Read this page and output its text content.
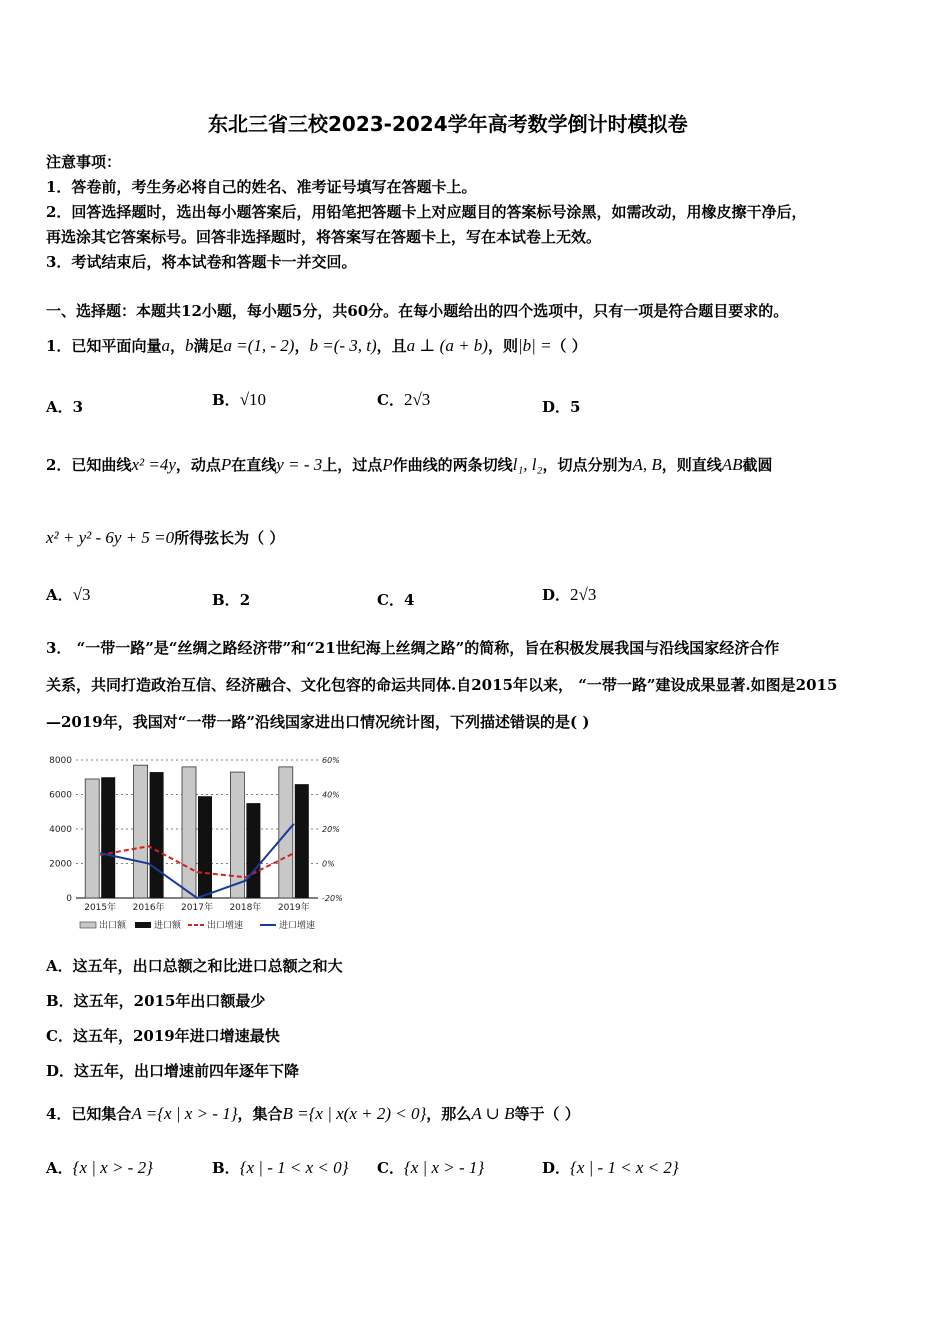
东北三省三校2023-2024学年高考数学倒计时模拟卷
注意事项：
1．答卷前，考生务必将自己的姓名、准考证号填写在答题卡上。
2．回答选择题时，选出每小题答案后，用铅笔把答题卡上对应题目的答案标号涂黑，如需改动，用橡皮擦干净后，
再选涂其它答案标号。回答非选择题时，将答案写在答题卡上，写在本试卷上无效。
3．考试结束后，将本试卷和答题卡一并交回。
一、选择题：本题共12小题，每小题5分，共60分。在每小题给出的四个选项中，只有一项是符合题目要求的。
1．已知平面向量a，b满足a =(1, - 2)，b =(- 3, t)，且a ⊥ (a + b)，则|b| =（ ）
A．3	B．√10	C．2√3	D．5
2．已知曲线x² =4y，动点P在直线y = - 3上，过点P作曲线的两条切线l₁, l₂，切点分别为A, B，则直线AB截圆
x² + y² - 6y + 5 =0所得弦长为（ ）
A．√3	B．2	C．4	D．2√3
3． “一带一路”是“丝绸之路经济带”和“21世纪海上丝绸之路”的简称，旨在积极发展我国与沿线国家经济合作
关系，共同打造政治互信、经济融合、文化包容的命运共同体.自2015年以来， “一带一路”建设成果显著.如图是2015
—2019年，我国对“一带一路”沿线国家进出口情况统计图，下列描述错误的是( )
8000
6000
4000
2000
0
60%
40%
20%
0%
-20%
2015年 2016年 2017年 2018年 2019年
出口额	进口额	出口增速	进口增速
A．这五年，出口总额之和比进口总额之和大
B．这五年，2015年出口额最少
C．这五年，2019年进口增速最快
D．这五年，出口增速前四年逐年下降
4．已知集合A ={x | x > - 1}，集合B ={x | x(x + 2) < 0}，那么A ∪ B等于（ ）
A．{x | x > - 2}	B．{x | - 1 < x < 0} C．{x | x > - 1}	D．{x | - 1 < x < 2}
